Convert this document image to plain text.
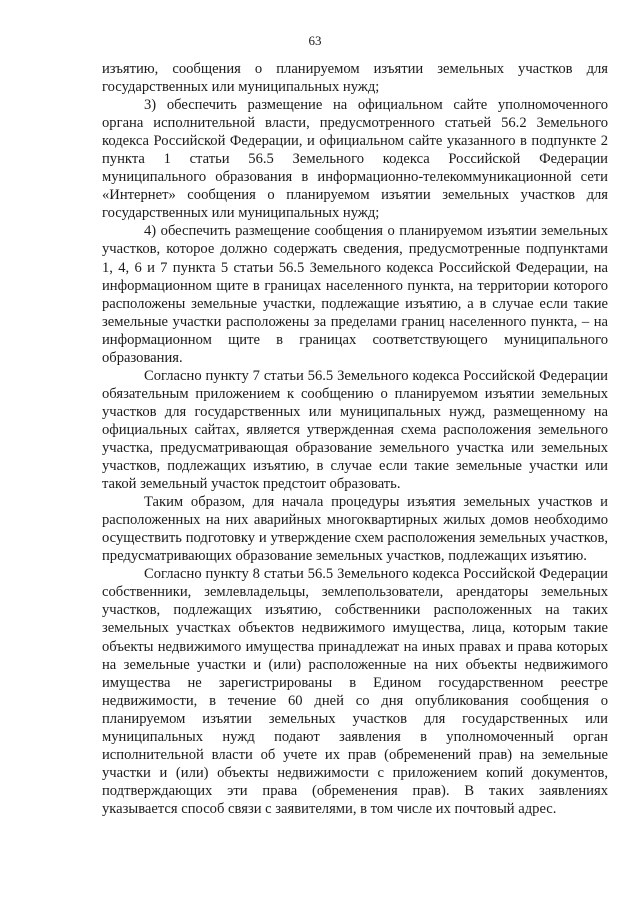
63

изъятию, сообщения о планируемом изъятии земельных участков для государственных или муниципальных нужд;

3) обеспечить размещение на официальном сайте уполномоченного органа исполнительной власти, предусмотренного статьей 56.2 Земельного кодекса Российской Федерации, и официальном сайте указанного в подпункте 2 пункта 1 статьи 56.5 Земельного кодекса Российской Федерации муниципального образования в информационно-телекоммуникационной сети «Интернет» сообщения о планируемом изъятии земельных участков для государственных или муниципальных нужд;

4) обеспечить размещение сообщения о планируемом изъятии земельных участков, которое должно содержать сведения, предусмотренные подпунктами 1, 4, 6 и 7 пункта 5 статьи 56.5 Земельного кодекса Российской Федерации, на информационном щите в границах населенного пункта, на территории которого расположены земельные участки, подлежащие изъятию, а в случае если такие земельные участки расположены за пределами границ населенного пункта, – на информационном щите в границах соответствующего муниципального образования.

Согласно пункту 7 статьи 56.5 Земельного кодекса Российской Федерации обязательным приложением к сообщению о планируемом изъятии земельных участков для государственных или муниципальных нужд, размещенному на официальных сайтах, является утвержденная схема расположения земельного участка, предусматривающая образование земельного участка или земельных участков, подлежащих изъятию, в случае если такие земельные участки или такой земельный участок предстоит образовать.

Таким образом, для начала процедуры изъятия земельных участков и расположенных на них аварийных многоквартирных жилых домов необходимо осуществить подготовку и утверждение схем расположения земельных участков, предусматривающих образование земельных участков, подлежащих изъятию.

Согласно пункту 8 статьи 56.5 Земельного кодекса Российской Федерации собственники, землевладельцы, землепользователи, арендаторы земельных участков, подлежащих изъятию, собственники расположенных на таких земельных участках объектов недвижимого имущества, лица, которым такие объекты недвижимого имущества принадлежат на иных правах и права которых на земельные участки и (или) расположенные на них объекты недвижимого имущества не зарегистрированы в Едином государственном реестре недвижимости, в течение 60 дней со дня опубликования сообщения о планируемом изъятии земельных участков для государственных или муниципальных нужд подают заявления в уполномоченный орган исполнительной власти об учете их прав (обременений прав) на земельные участки и (или) объекты недвижимости с приложением копий документов, подтверждающих эти права (обременения прав). В таких заявлениях указывается способ связи с заявителями, в том числе их почтовый адрес.
